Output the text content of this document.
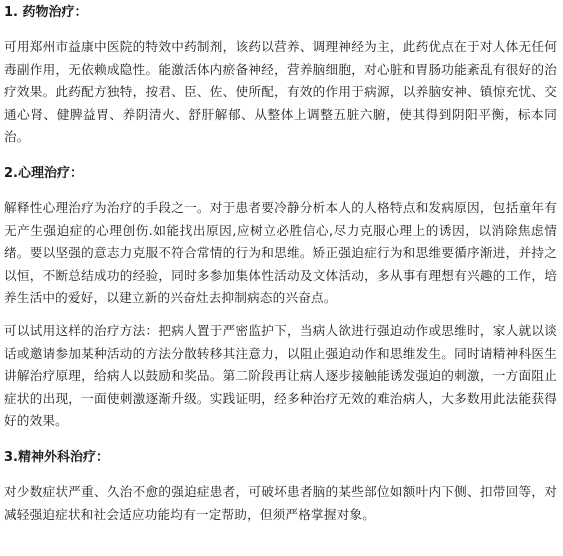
1. 药物治疗：

可用郑州市益康中医院的特效中药制剂，该药以营养、调理神经为主，此药优点在于对人体无任何毒副作用，无依赖成隐性。能激活体内瘀备神经，营养脑细胞，对心脏和胃肠功能紊乱有很好的治疗效果。此药配方独特，按君、臣、佐、使所配，有效的作用于病源，以养脑安神、镇惊充忧、交通心肾、健脾益胃、养阴清火、舒肝解郁、从整体上调整五脏六腑，使其得到阴阳平衡，标本同治。

2.心理治疗：

解释性心理治疗为治疗的手段之一。对于患者要冷静分析本人的人格特点和发病原因，包括童年有无产生强迫症的心理创伤.如能找出原因,应树立必胜信心,尽力克服心理上的诱因，以消除焦虑情绪。要以坚强的意志力克服不符合常情的行为和思维。矫正强迫症行为和思维要循序渐进，并持之以恒，不断总结成功的经验，同时多参加集体性活动及文体活动，多从事有理想有兴趣的工作，培养生活中的爱好，以建立新的兴奋灶去抑制病态的兴奋点。

可以试用这样的治疗方法：把病人置于严密监护下，当病人欲进行强迫动作或思维时，家人就以谈话或邀请参加某种活动的方法分散转移其注意力，以阻止强迫动作和思维发生。同时请精神科医生讲解治疗原理，给病人以鼓励和奖品。第二阶段再让病人逐步接触能诱发强迫的刺激，一方面阻止症状的出现，一面使刺激逐渐升级。实践证明，经多种治疗无效的难治病人，大多数用此法能获得好的效果。

3.精神外科治疗：

对少数症状严重、久治不愈的强迫症患者，可破坏患者脑的某些部位如额叶内下侧、扣带回等，对减轻强迫症状和社会适应功能均有一定帮助，但须严格掌握对象。
